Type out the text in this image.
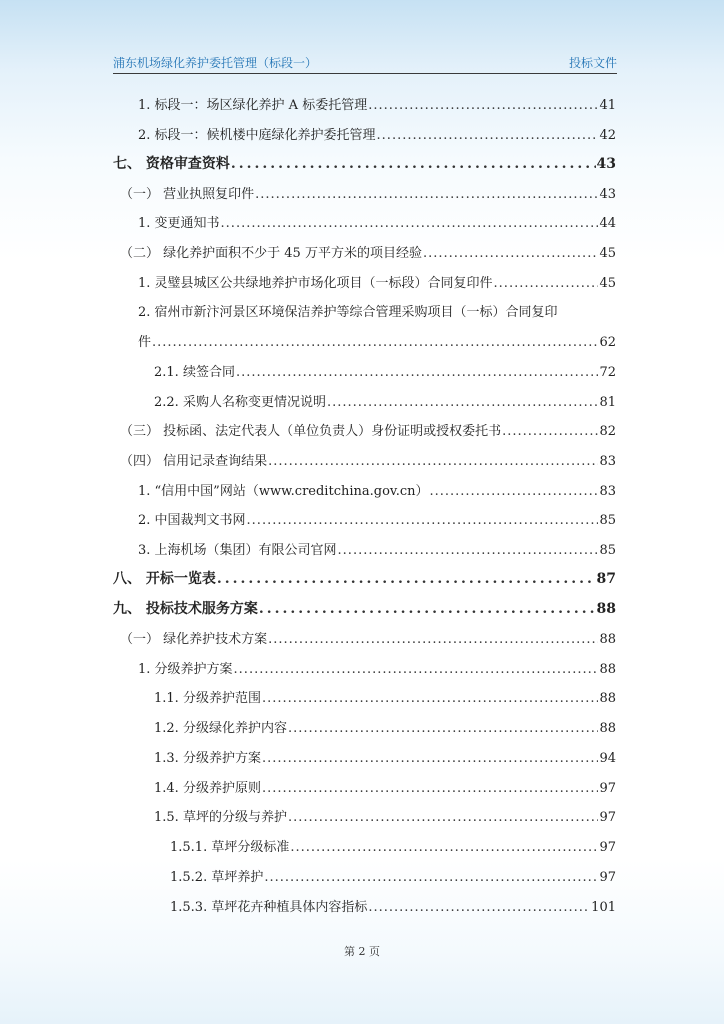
浦东机场绿化养护委托管理（标段一）	投标文件
1. 标段一：场区绿化养护 A 标委托管理 .....	41
2. 标段一：候机楼中庭绿化养护委托管理 .....	42
七、 资格审查资料 .....	43
（一） 营业执照复印件 .....	43
1. 变更通知书 .....	44
（二） 绿化养护面积不少于 45 万平方米的项目经验 .....	45
1. 灵璧县城区公共绿地养护市场化项目（一标段）合同复印件 .....	45
2. 宿州市新汴河景区环境保洁养护等综合管理采购项目（一标）合同复印
件 .....	62
2.1. 续签合同 .....	72
2.2. 采购人名称变更情况说明 .....	81
（三） 投标函、法定代表人（单位负责人）身份证明或授权委托书 .....	82
（四） 信用记录查询结果 .....	83
1. “信用中国”网站（www.creditchina.gov.cn） .....	83
2. 中国裁判文书网 .....	85
3. 上海机场（集团）有限公司官网 .....	85
八、 开标一览表 .....	87
九、 投标技术服务方案 .....	88
（一） 绿化养护技术方案 .....	88
1. 分级养护方案 .....	88
1.1. 分级养护范围 .....	88
1.2. 分级绿化养护内容 .....	88
1.3. 分级养护方案 .....	94
1.4. 分级养护原则 .....	97
1.5. 草坪的分级与养护 .....	97
1.5.1. 草坪分级标准 .....	97
1.5.2. 草坪养护 .....	97
1.5.3. 草坪花卉种植具体内容指标 .....	101
第 2 页
